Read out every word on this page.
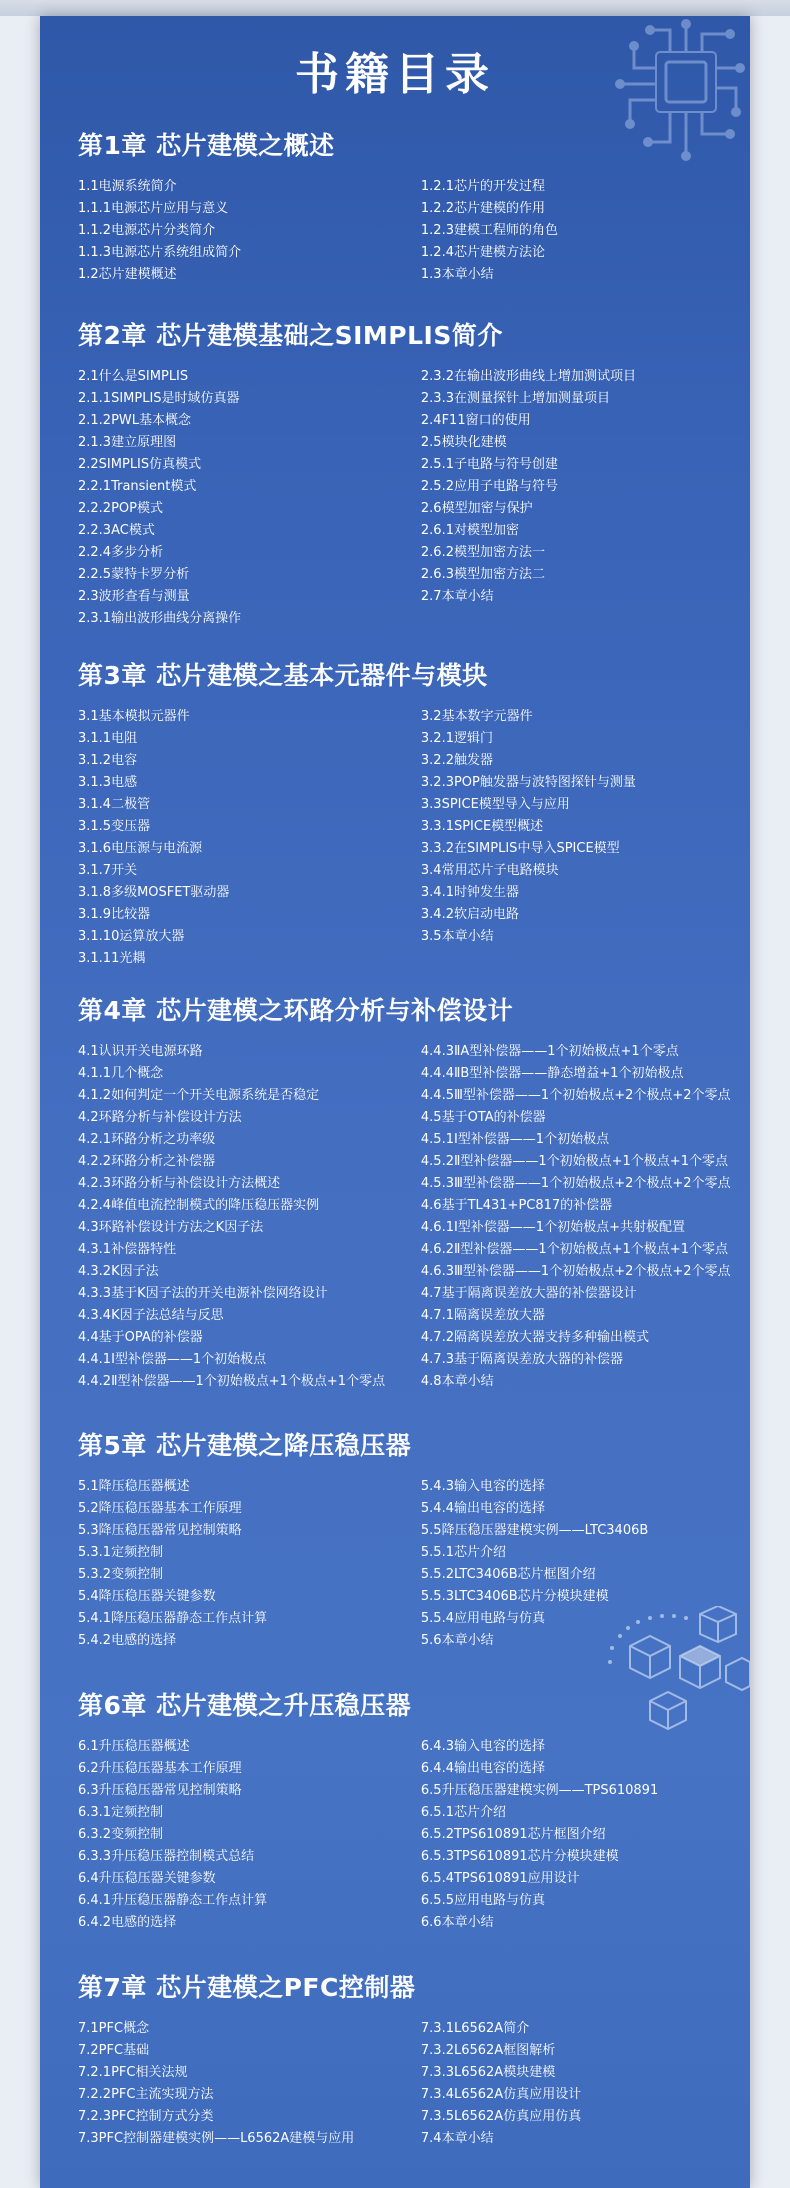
书籍目录
第1章 芯片建模之概述
1.1电源系统简介
1.1.1电源芯片应用与意义
1.1.2电源芯片分类简介
1.1.3电源芯片系统组成简介
1.2芯片建模概述
1.2.1芯片的开发过程
1.2.2芯片建模的作用
1.2.3建模工程师的角色
1.2.4芯片建模方法论
1.3本章小结
第2章 芯片建模基础之SIMPLIS简介
2.1什么是SIMPLIS
2.1.1SIMPLIS是时域仿真器
2.1.2PWL基本概念
2.1.3建立原理图
2.2SIMPLIS仿真模式
2.2.1Transient模式
2.2.2POP模式
2.2.3AC模式
2.2.4多步分析
2.2.5蒙特卡罗分析
2.3波形查看与测量
2.3.1输出波形曲线分离操作
2.3.2在输出波形曲线上增加测试项目
2.3.3在测量探针上增加测量项目
2.4F11窗口的使用
2.5模块化建模
2.5.1子电路与符号创建
2.5.2应用子电路与符号
2.6模型加密与保护
2.6.1对模型加密
2.6.2模型加密方法一
2.6.3模型加密方法二
2.7本章小结
第3章 芯片建模之基本元器件与模块
3.1基本模拟元器件
3.1.1电阻
3.1.2电容
3.1.3电感
3.1.4二极管
3.1.5变压器
3.1.6电压源与电流源
3.1.7开关
3.1.8多级MOSFET驱动器
3.1.9比较器
3.1.10运算放大器
3.1.11光耦
3.2基本数字元器件
3.2.1逻辑门
3.2.2触发器
3.2.3POP触发器与波特图探针与测量
3.3SPICE模型导入与应用
3.3.1SPICE模型概述
3.3.2在SIMPLIS中导入SPICE模型
3.4常用芯片子电路模块
3.4.1时钟发生器
3.4.2软启动电路
3.5本章小结
第4章 芯片建模之环路分析与补偿设计
4.1认识开关电源环路
4.1.1几个概念
4.1.2如何判定一个开关电源系统是否稳定
4.2环路分析与补偿设计方法
4.2.1环路分析之功率级
4.2.2环路分析之补偿器
4.2.3环路分析与补偿设计方法概述
4.2.4峰值电流控制模式的降压稳压器实例
4.3环路补偿设计方法之K因子法
4.3.1补偿器特性
4.3.2K因子法
4.3.3基于K因子法的开关电源补偿网络设计
4.3.4K因子法总结与反思
4.4基于OPA的补偿器
4.4.1Ⅰ型补偿器——1个初始极点
4.4.2Ⅱ型补偿器——1个初始极点+1个极点+1个零点
4.4.3ⅡA型补偿器——1个初始极点+1个零点
4.4.4ⅡB型补偿器——静态增益+1个初始极点
4.4.5Ⅲ型补偿器——1个初始极点+2个极点+2个零点
4.5基于OTA的补偿器
4.5.1Ⅰ型补偿器——1个初始极点
4.5.2Ⅱ型补偿器——1个初始极点+1个极点+1个零点
4.5.3Ⅲ型补偿器——1个初始极点+2个极点+2个零点
4.6基于TL431+PC817的补偿器
4.6.1Ⅰ型补偿器——1个初始极点+共射极配置
4.6.2Ⅱ型补偿器——1个初始极点+1个极点+1个零点
4.6.3Ⅲ型补偿器——1个初始极点+2个极点+2个零点
4.7基于隔离误差放大器的补偿器设计
4.7.1隔离误差放大器
4.7.2隔离误差放大器支持多种输出模式
4.7.3基于隔离误差放大器的补偿器
4.8本章小结
第5章 芯片建模之降压稳压器
5.1降压稳压器概述
5.2降压稳压器基本工作原理
5.3降压稳压器常见控制策略
5.3.1定频控制
5.3.2变频控制
5.4降压稳压器关键参数
5.4.1降压稳压器静态工作点计算
5.4.2电感的选择
5.4.3输入电容的选择
5.4.4输出电容的选择
5.5降压稳压器建模实例——LTC3406B
5.5.1芯片介绍
5.5.2LTC3406B芯片框图介绍
5.5.3LTC3406B芯片分模块建模
5.5.4应用电路与仿真
5.6本章小结
第6章 芯片建模之升压稳压器
6.1升压稳压器概述
6.2升压稳压器基本工作原理
6.3升压稳压器常见控制策略
6.3.1定频控制
6.3.2变频控制
6.3.3升压稳压器控制模式总结
6.4升压稳压器关键参数
6.4.1升压稳压器静态工作点计算
6.4.2电感的选择
6.4.3输入电容的选择
6.4.4输出电容的选择
6.5升压稳压器建模实例——TPS610891
6.5.1芯片介绍
6.5.2TPS610891芯片框图介绍
6.5.3TPS610891芯片分模块建模
6.5.4TPS610891应用设计
6.5.5应用电路与仿真
6.6本章小结
第7章 芯片建模之PFC控制器
7.1PFC概念
7.2PFC基础
7.2.1PFC相关法规
7.2.2PFC主流实现方法
7.2.3PFC控制方式分类
7.3PFC控制器建模实例——L6562A建模与应用
7.3.1L6562A简介
7.3.2L6562A框图解析
7.3.3L6562A模块建模
7.3.4L6562A仿真应用设计
7.3.5L6562A仿真应用仿真
7.4本章小结
